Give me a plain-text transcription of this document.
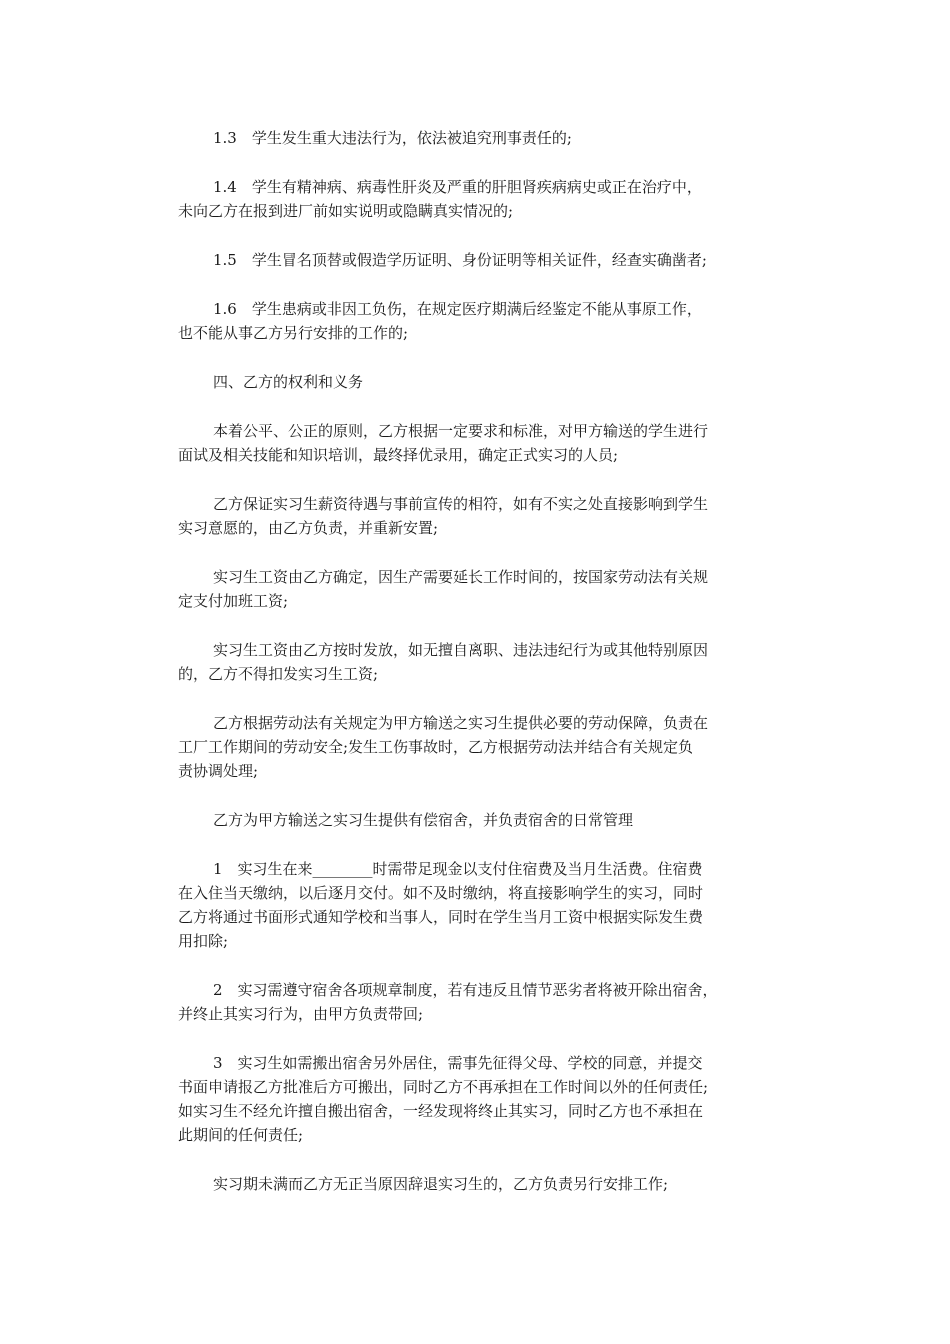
1.3　学生发生重大违法行为，依法被追究刑事责任的;
1.4　学生有精神病、病毒性肝炎及严重的肝胆肾疾病病史或正在治疗中，
未向乙方在报到进厂前如实说明或隐瞒真实情况的;
1.5　学生冒名顶替或假造学历证明、身份证明等相关证件，经查实确凿者;
1.6　学生患病或非因工负伤，在规定医疗期满后经鉴定不能从事原工作，
也不能从事乙方另行安排的工作的;
四、乙方的权利和义务
本着公平、公正的原则，乙方根据一定要求和标准，对甲方输送的学生进行
面试及相关技能和知识培训，最终择优录用，确定正式实习的人员;
乙方保证实习生薪资待遇与事前宣传的相符，如有不实之处直接影响到学生
实习意愿的，由乙方负责，并重新安置;
实习生工资由乙方确定，因生产需要延长工作时间的，按国家劳动法有关规
定支付加班工资;
实习生工资由乙方按时发放，如无擅自离职、违法违纪行为或其他特别原因
的，乙方不得扣发实习生工资;
乙方根据劳动法有关规定为甲方输送之实习生提供必要的劳动保障，负责在
工厂工作期间的劳动安全;发生工伤事故时，乙方根据劳动法并结合有关规定负
责协调处理;
乙方为甲方输送之实习生提供有偿宿舍，并负责宿舍的日常管理
1　实习生在来________时需带足现金以支付住宿费及当月生活费。住宿费
在入住当天缴纳，以后逐月交付。如不及时缴纳，将直接影响学生的实习，同时
乙方将通过书面形式通知学校和当事人，同时在学生当月工资中根据实际发生费
用扣除;
2　实习需遵守宿舍各项规章制度，若有违反且情节恶劣者将被开除出宿舍，
并终止其实习行为，由甲方负责带回;
3　实习生如需搬出宿舍另外居住，需事先征得父母、学校的同意，并提交
书面申请报乙方批准后方可搬出，同时乙方不再承担在工作时间以外的任何责任;
如实习生不经允许擅自搬出宿舍，一经发现将终止其实习，同时乙方也不承担在
此期间的任何责任;
实习期未满而乙方无正当原因辞退实习生的，乙方负责另行安排工作;
